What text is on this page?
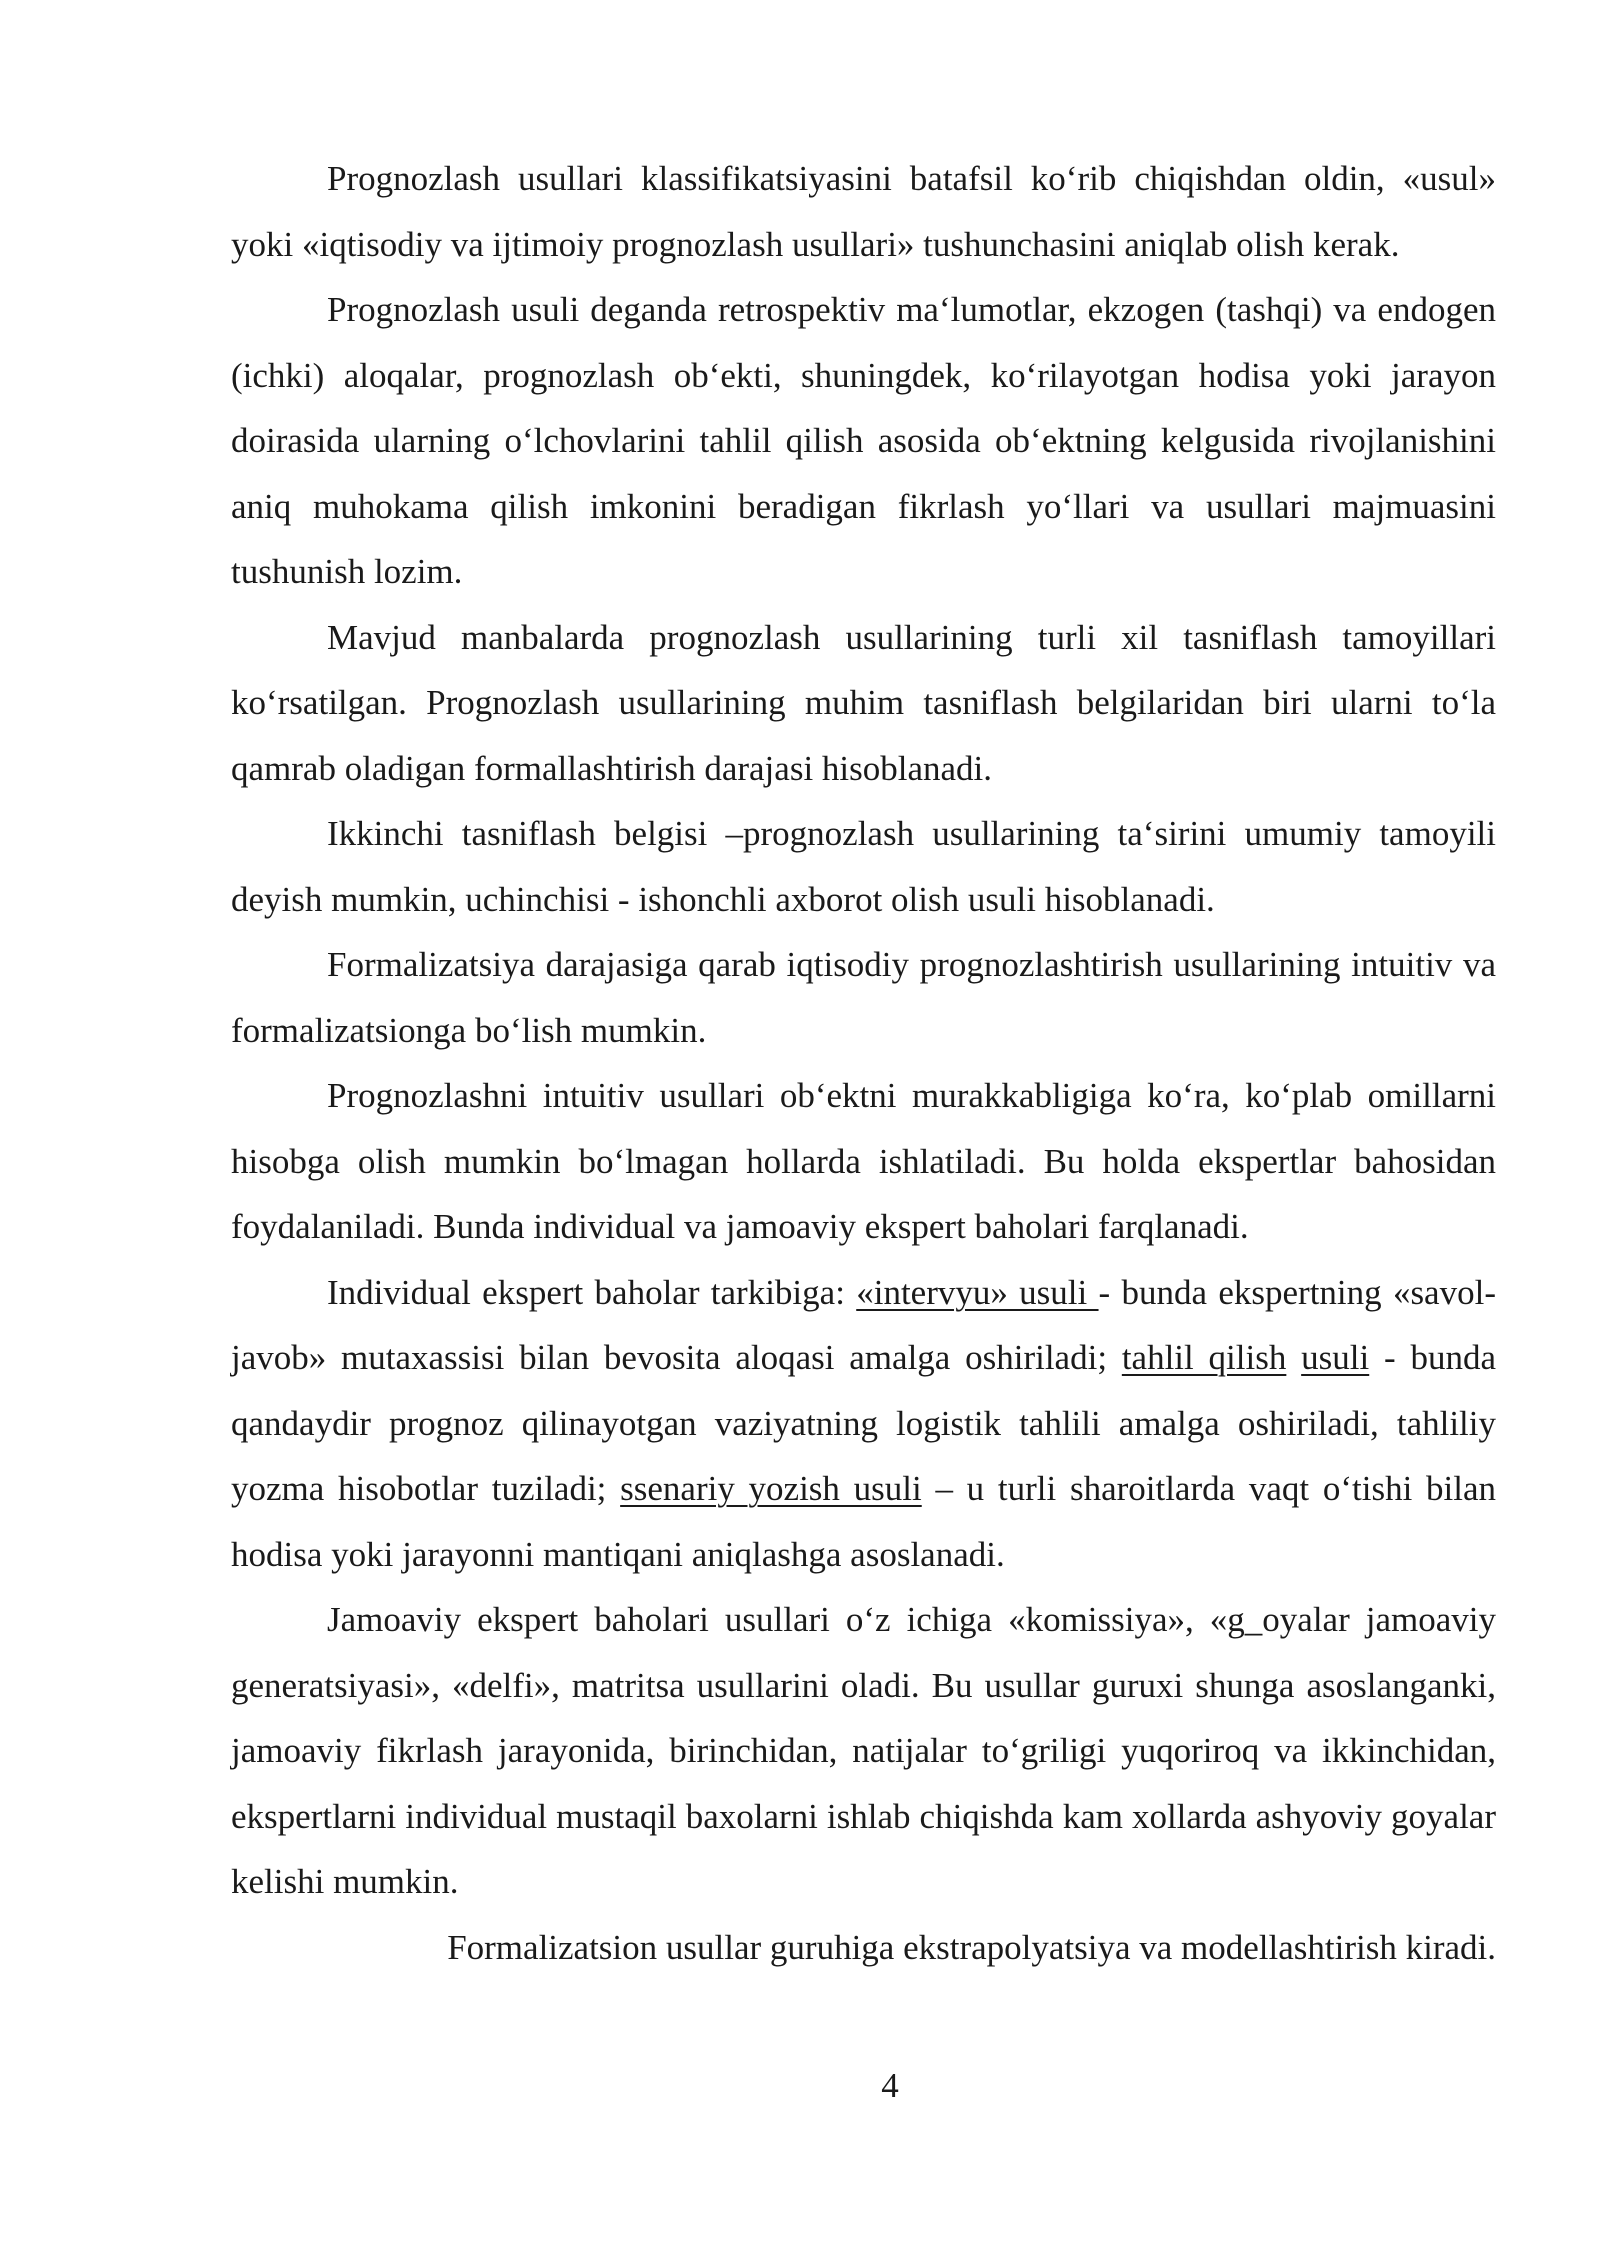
Prognozlash usullari klassifikatsiyasini batafsil ko‘rib chiqishdan oldin, «usul» yoki «iqtisodiy va ijtimoiy prognozlash usullari» tushunchasini aniqlab olish kerak.

Prognozlash usuli deganda retrospektiv ma‘lumotlar, ekzogen (tashqi) va endogen (ichki) aloqalar, prognozlash ob‘ekti, shuningdek, ko‘rilayotgan hodisa yoki jarayon doirasida ularning o‘lchovlarini tahlil qilish asosida ob‘ektning kelgusida rivojlanishini aniq muhokama qilish imkonini beradigan fikrlash yo‘llari va usullari majmuasini tushunish lozim.

Mavjud manbalarda prognozlash usullarining turli xil tasniflash tamoyillari ko‘rsatilgan. Prognozlash usullarining muhim tasniflash belgilaridan biri ularni to‘la qamrab oladigan formallashtirish darajasi hisoblanadi.

Ikkinchi tasniflash belgisi –prognozlash usullarining ta‘sirini umumiy tamoyili deyish mumkin, uchinchisi - ishonchli axborot olish usuli hisoblanadi.

Formalizatsiya darajasiga qarab iqtisodiy prognozlashtirish usullarining intuitiv va formalizatsionga bo‘lish mumkin.

Prognozlashni intuitiv usullari ob‘ektni murakkabligiga ko‘ra, ko‘plab omillarni hisobga olish mumkin bo‘lmagan hollarda ishlatiladi. Bu holda ekspertlar bahosidan foydalaniladi. Bunda individual va jamoaviy ekspert baholari farqlanadi.

Individual ekspert baholar tarkibiga: «intervyu» usuli - bunda ekspertning «savol-javob» mutaxassisi bilan bevosita aloqasi amalga oshiriladi; tahlil qilish usuli - bunda qandaydir prognoz qilinayotgan vaziyatning logistik tahlili amalga oshiriladi, tahliliy yozma hisobotlar tuziladi; ssenariy yozish usuli – u turli sharoitlarda vaqt o‘tishi bilan hodisa yoki jarayonni mantiqani aniqlashga asoslanadi.

Jamoaviy ekspert baholari usullari o‘z ichiga «komissiya», «g_oyalar jamoaviy generatsiyasi», «delfi», matritsa usullarini oladi. Bu usullar guruxi shunga asoslanganki, jamoaviy fikrlash jarayonida, birinchidan, natijalar to‘griligi yuqoriroq va ikkinchidan, ekspertlarni individual mustaqil baxolarni ishlab chiqishda kam xollarda ashyoviy goyalar kelishi mumkin.

Formalizatsion usullar guruhiga ekstrapolyatsiya va modellashtirish kiradi.

4
